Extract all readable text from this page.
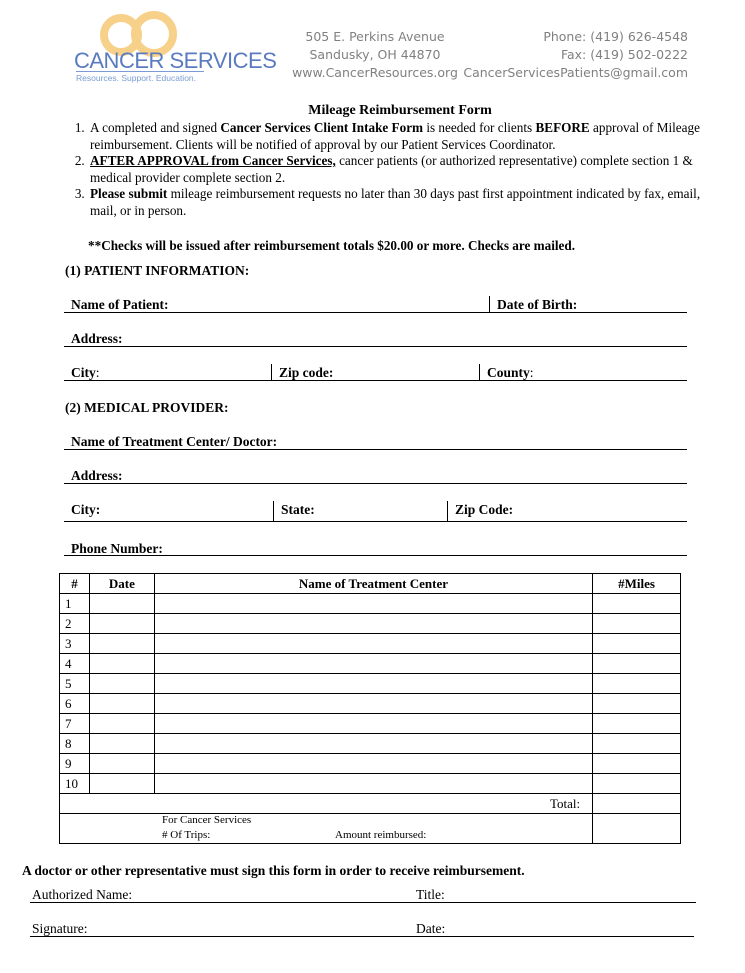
CANCER SERVICES
Resources. Support. Education.
505 E. Perkins Avenue
Sandusky, OH 44870
www.CancerResources.org
Phone: (419) 626-4548
Fax: (419) 502-0222
CancerServicesPatients@gmail.com
Mileage Reimbursement Form
1. A completed and signed Cancer Services Client Intake Form is needed for clients BEFORE approval of Mileage reimbursement. Clients will be notified of approval by our Patient Services Coordinator.
2. AFTER APPROVAL from Cancer Services, cancer patients (or authorized representative) complete section 1 & medical provider complete section 2.
3. Please submit mileage reimbursement requests no later than 30 days past first appointment indicated by fax, email, mail, or in person.
**Checks will be issued after reimbursement totals $20.00 or more. Checks are mailed.
(1) PATIENT INFORMATION:
Name of Patient:	Date of Birth:
Address:
City:	Zip code:	County:
(2) MEDICAL PROVIDER:
Name of Treatment Center/ Doctor:
Address:
City:	State:	Zip Code:
Phone Number:
#	Date	Name of Treatment Center	#Miles
1			
2			
3			
4			
5			
6			
7			
8			
9			
10			
Total:			

For Cancer Services
# Of Trips: Amount reimbursed:			

A doctor or other representative must sign this form in order to receive reimbursement.
Authorized Name:	Title:
Signature:	Date:
